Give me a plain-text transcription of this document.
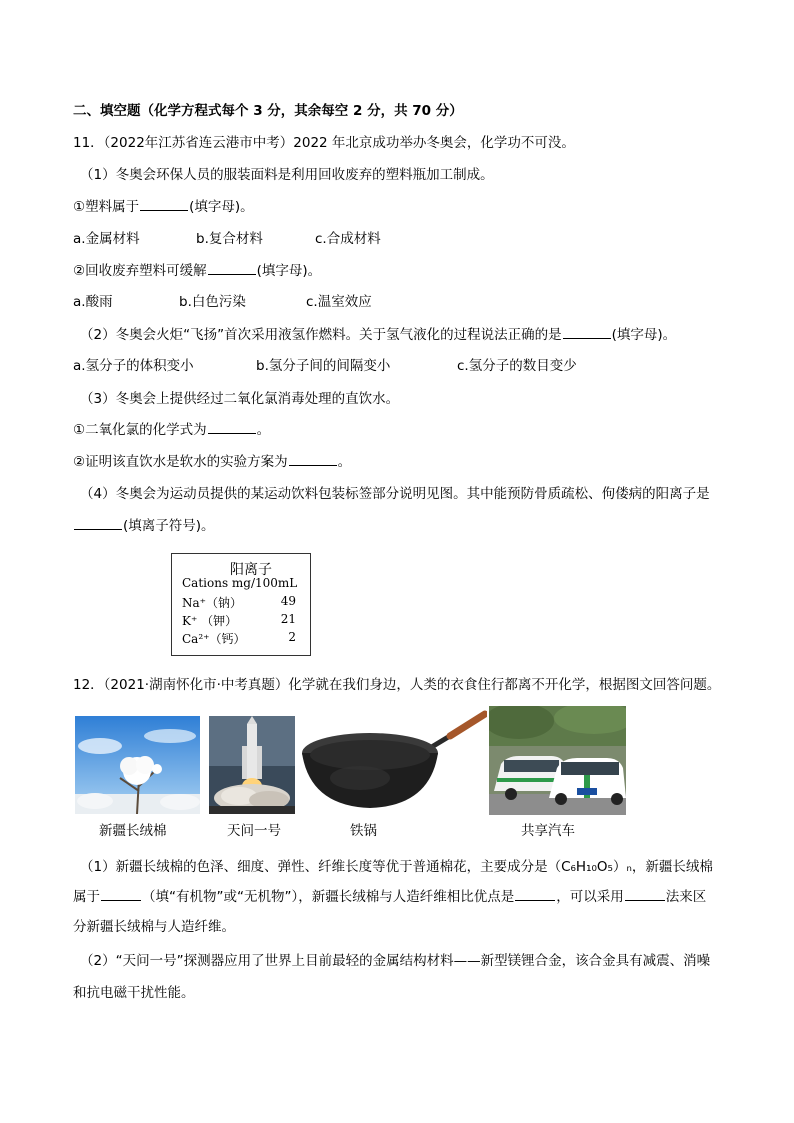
二、填空题（化学方程式每个 3 分，其余每空 2 分，共 70 分）
11．（2022年江苏省连云港市中考）2022 年北京成功举办冬奥会，化学功不可没。
（1）冬奥会环保人员的服装面料是利用回收废弃的塑料瓶加工制成。
①塑料属于	(填字母)。
a.金属材料	b.复合材料	c.合成材料
②回收废弃塑料可缓解	(填字母)。
a.酸雨	b.白色污染	c.温室效应
（2）冬奥会火炬“飞扬”首次采用液氢作燃料。关于氢气液化的过程说法正确的是	(填字母)。
a.氢分子的体积变小	b.氢分子间的间隔变小	c.氢分子的数目变少
（3）冬奥会上提供经过二氧化氯消毒处理的直饮水。
①二氧化氯的化学式为	。
②证明该直饮水是软水的实验方案为	。
（4）冬奥会为运动员提供的某运动饮料包装标签部分说明见图。其中能预防骨质疏松、佝偻病的阳离子是
(填离子符号)。
阳离子
Cations mg/100mL
Na⁺（钠）	49
K⁺ （钾）	21
Ca²⁺（钙）	2
12．（2021·湖南怀化市·中考真题）化学就在我们身边，人类的衣食住行都离不开化学，根据图文回答问题。
新疆长绒棉	天问一号	铁锅	共享汽车
（1）新疆长绒棉的色泽、细度、弹性、纤维长度等优于普通棉花，主要成分是（C₆H₁₀O₅）ₙ，新疆长绒棉
属于	（填“有机物”或“无机物”），新疆长绒棉与人造纤维相比优点是	，可以采用	法来区
分新疆长绒棉与人造纤维。
（2）“天问一号”探测器应用了世界上目前最轻的金属结构材料——新型镁锂合金，该合金具有减震、消噪
和抗电磁干扰性能。
